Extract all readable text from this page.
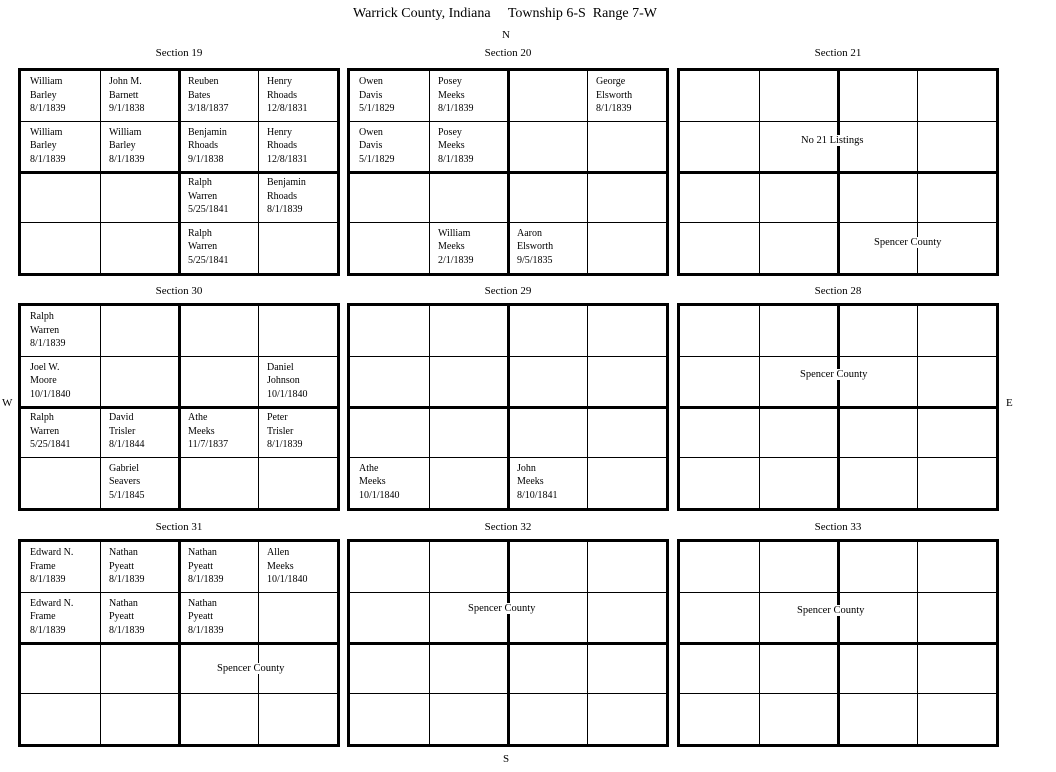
Warrick County, Indiana     Township 6-S  Range 7-W
N
S
W	E
Section 19
William
Barley
8/1/1839
John M.
Barnett
9/1/1838
Reuben
Bates
3/18/1837
Henry
Rhoads
12/8/1831
William
Barley
8/1/1839
William
Barley
8/1/1839
Benjamin
Rhoads
9/1/1838
Henry
Rhoads
12/8/1831
Ralph
Warren
5/25/1841
Benjamin
Rhoads
8/1/1839
Ralph
Warren
5/25/1841
Section 20
Owen
Davis
5/1/1829
Posey
Meeks
8/1/1839
George
Elsworth
8/1/1839
Owen
Davis
5/1/1829
Posey
Meeks
8/1/1839
William
Meeks
2/1/1839
Aaron
Elsworth
9/5/1835
Section 21
No 21 Listings
Spencer County
Section 30
Ralph
Warren
8/1/1839
Joel W.
Moore
10/1/1840
Daniel
Johnson
10/1/1840
Ralph
Warren
5/25/1841
David
Trisler
8/1/1844
Athe
Meeks
11/7/1837
Peter
Trisler
8/1/1839
Gabriel
Seavers
5/1/1845
Section 29
Athe
Meeks
10/1/1840
John
Meeks
8/10/1841
Section 28
Spencer County
Section 31
Edward N.
Frame
8/1/1839
Nathan
Pyeatt
8/1/1839
Nathan
Pyeatt
8/1/1839
Allen
Meeks
10/1/1840
Edward N.
Frame
8/1/1839
Nathan
Pyeatt
8/1/1839
Nathan
Pyeatt
8/1/1839
Spencer County
Section 32
Spencer County
Section 33
Spencer County
